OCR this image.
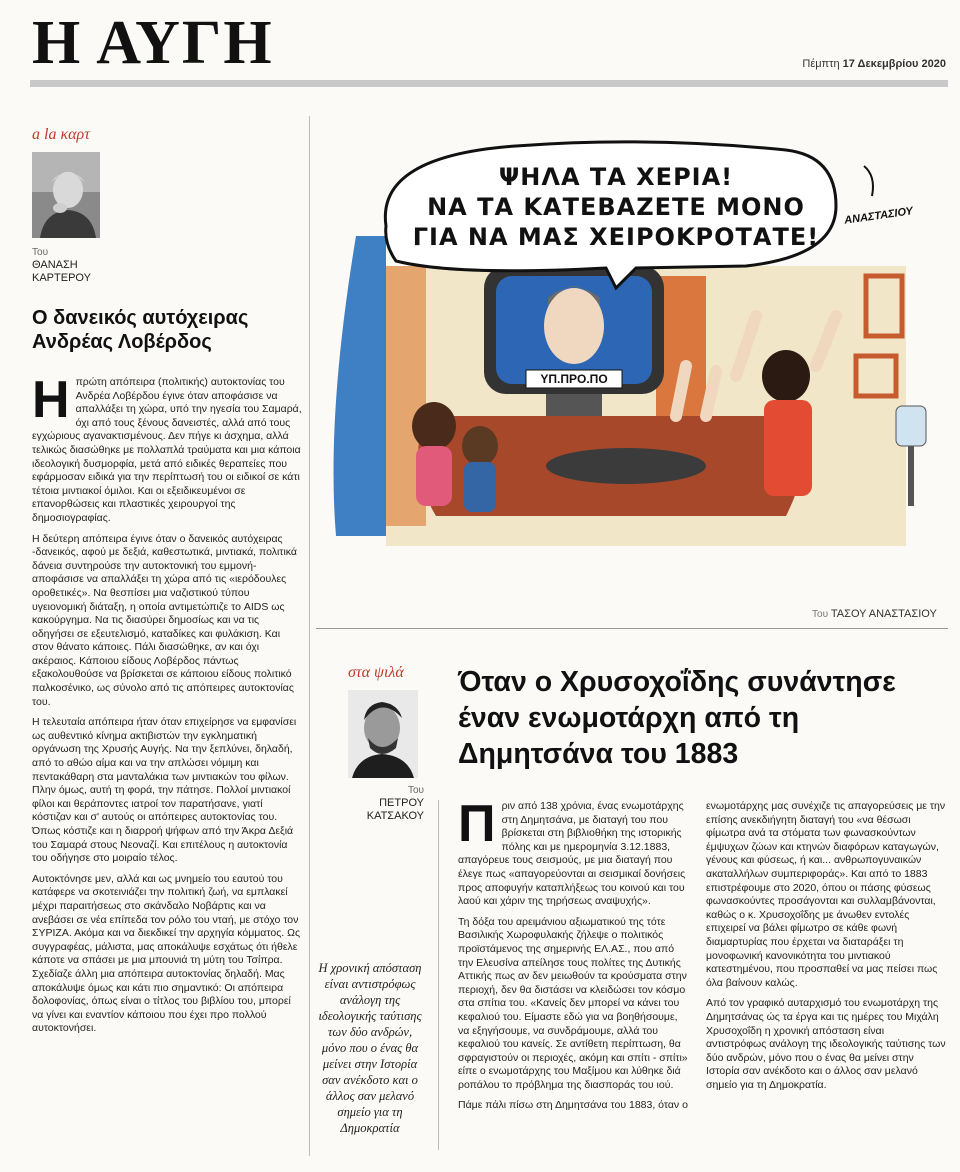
Η ΑΥΓΗ	Πέμπτη 17 Δεκεμβρίου 2020
a la καρτ
Του
ΘΑΝΑΣΗ ΚΑΡΤΕΡΟΥ
Ο δανεικός αυτόχειρας Ανδρέας Λοβέρδος

Ηπρώτη απόπειρα (πολιτικής) αυτοκτονίας του Ανδρέα Λοβέρδου έγινε όταν αποφάσισε να απαλλάξει τη χώρα, υπό την ηγεσία του Σαμαρά, όχι από τους ξένους δανειστές, αλλά από τους εγχώριους αγανακτισμένους. Δεν πήγε κι άσχημα, αλλά τελικώς διασώθηκε με πολλαπλά τραύματα και μια κάποια ιδεολογική δυσμορφία, μετά από ειδικές θεραπείες που εφάρμοσαν ειδικά για την περίπτωσή του οι ειδικοί σε κάτι τέτοια μιντιακοί όμιλοι. Και οι εξειδικευμένοι σε επανορθώσεις και πλαστικές χειρουργοί της δημοσιογραφίας.

Η δεύτερη απόπειρα έγινε όταν ο δανεικός αυτόχειρας -δανεικός, αφού με δεξιά, καθεστωτικά, μιντιακά, πολιτικά δάνεια συντηρούσε την αυτοκτονική του εμμονή- αποφάσισε να απαλλάξει τη χώρα από τις «ιερόδουλες οροθετικές». Να θεσπίσει μια ναζιστικού τύπου υγειονομική διάταξη, η οποία αντιμετώπιζε το AIDS ως κακούργημα. Να τις διασύρει δημοσίως και να τις οδηγήσει σε εξευτελισμό, καταδίκες και φυλάκιση. Και στον θάνατο κάποιες. Πάλι διασώθηκε, αν και όχι ακέραιος. Κάποιου είδους Λοβέρδος πάντως εξακολουθούσε να βρίσκεται σε κάποιου είδους πολιτικό παλκοσένικο, ως σύνολο από τις απόπειρες αυτοκτονίας του.

Η τελευταία απόπειρα ήταν όταν επιχείρησε να εμφανίσει ως αυθεντικό κίνημα ακτιβιστών την εγκληματική οργάνωση της Χρυσής Αυγής. Να την ξεπλύνει, δηλαδή, από το αθώο αίμα και να την απλώσει νόμιμη και πεντακάθαρη στα μανταλάκια των μιντιακών του φίλων. Πλην όμως, αυτή τη φορά, την πάτησε. Πολλοί μιντιακοί φίλοι και θεράποντες ιατροί τον παρατήσανε, γιατί κόστιζαν και σ' αυτούς οι απόπειρες αυτοκτονίας του. Όπως κόστιζε και η διαρροή ψήφων από την Άκρα Δεξιά του Σαμαρά στους Νεοναζί. Και επιτέλους η αυτοκτονία του οδήγησε στο μοιραίο τέλος.

Αυτοκτόνησε μεν, αλλά και ως μνημείο του εαυτού του κατάφερε να σκοτεινιάζει την πολιτική ζωή, να εμπλακεί μέχρι παραιτήσεως στο σκάνδαλο Νοβάρτις και να ανεβάσει σε νέα επίπεδα τον ρόλο του νταή, με στόχο τον ΣΥΡΙΖΑ. Ακόμα και να διεκδικεί την αρχηγία κόμματος. Ως συγγραφέας, μάλιστα, μας αποκάλυψε εσχάτως ότι ήθελε κάποτε να σπάσει με μια μπουνιά τη μύτη του Τσίπρα. Σχεδίαζε άλλη μια απόπειρα αυτοκτονίας δηλαδή. Μας αποκάλυψε όμως και κάτι πιο σημαντικό: Οι απόπειρα δολοφονίας, όπως είναι ο τίτλος του βιβλίου του, μπορεί να γίνει και εναντίον κάποιου που έχει προ πολλού αυτοκτονήσει.

ΨΗΛΑ ΤΑ ΧΕΡΙΑ!
ΝΑ ΤΑ ΚΑΤΕΒΑΖΕΤΕ ΜΟΝΟ
ΓΙΑ ΝΑ ΜΑΣ ΧΕΙΡΟΚΡΟΤΑΤΕ!
ΥΠ.ΠΡΟ.ΠΟ
ΑΝΑΣΤΑΣΙΟΥ
Του ΤΑΣΟΥ ΑΝΑΣΤΑΣΙΟΥ
στα ψιλά
Του
ΠΕΤΡΟΥ ΚΑΤΣΑΚΟΥ
Όταν ο Χρυσοχοΐδης συνάντησε έναν ενωμοτάρχη από τη Δημητσάνα του 1883
Η χρονική απόσταση είναι αντιστρόφως ανάλογη της ιδεολογικής ταύτισης των δύο ανδρών, μόνο που ο ένας θα μείνει στην Ιστορία σαν ανέκδοτο και ο άλλος σαν μελανό σημείο για τη Δημοκρατία

Πριν από 138 χρόνια, ένας ενωμοτάρχης στη Δημητσάνα, με διαταγή του που βρίσκεται στη βιβλιοθήκη της ιστορικής πόλης και με ημερομηνία 3.12.1883, απαγόρευε τους σεισμούς, με μια διαταγή που έλεγε πως «απαγορεύονται αι σεισμικαί δονήσεις προς αποφυγήν καταπλήξεως του κοινού και του λαού και χάριν της τηρήσεως αναψυχής».

Τη δόξα του αρειμάνιου αξιωματικού της τότε Βασιλικής Χωροφυλακής ζήλεψε ο πολιτικός προϊστάμενος της σημερινής ΕΛ.ΑΣ., που από την Ελευσίνα απείλησε τους πολίτες της Δυτικής Αττικής πως αν δεν μειωθούν τα κρούσματα στην περιοχή, δεν θα διστάσει να κλειδώσει τον κόσμο στα σπίτια του. «Κανείς δεν μπορεί να κάνει του κεφαλιού του. Είμαστε εδώ για να βοηθήσουμε, να εξηγήσουμε, να συνδράμουμε, αλλά του κεφαλιού του κανείς. Σε αντίθετη περίπτωση, θα σφραγιστούν οι περιοχές, ακόμη και σπίτι - σπίτι» είπε ο ενωμοτάρχης του Μαξίμου και λύθηκε διά ροπάλου το πρόβλημα της διασποράς του ιού.

Πάμε πάλι πίσω στη Δημητσάνα του 1883, όταν ο

ενωμοτάρχης μας συνέχιζε τις απαγορεύσεις με την επίσης ανεκδιήγητη διαταγή του «να θέσωσι φίμωτρα ανά τα στόματα των φωνασκούντων έμψυχων ζώων και κτηνών διαφόρων καταγωγών, γένους και φύσεως, ή και... ανθρωπογυναικών ακαταλλήλων συμπεριφοράς». Και από το 1883 επιστρέφουμε στο 2020, όπου οι πάσης φύσεως φωνασκούντες προσάγονται και συλλαμβάνονται, καθώς ο κ. Χρυσοχοΐδης με άνωθεν εντολές επιχειρεί να βάλει φίμωτρο σε κάθε φωνή διαμαρτυρίας που έρχεται να διαταράξει τη μονοφωνική κανονικότητα του μιντιακού κατεστημένου, που προσπαθεί να μας πείσει πως όλα βαίνουν καλώς.

Από τον γραφικό αυταρχισμό του ενωμοτάρχη της Δημητσάνας ώς τα έργα και τις ημέρες του Μιχάλη Χρυσοχοΐδη η χρονική απόσταση είναι αντιστρόφως ανάλογη της ιδεολογικής ταύτισης των δύο ανδρών, μόνο που ο ένας θα μείνει στην Ιστορία σαν ανέκδοτο και ο άλλος σαν μελανό σημείο για τη Δημοκρατία.
